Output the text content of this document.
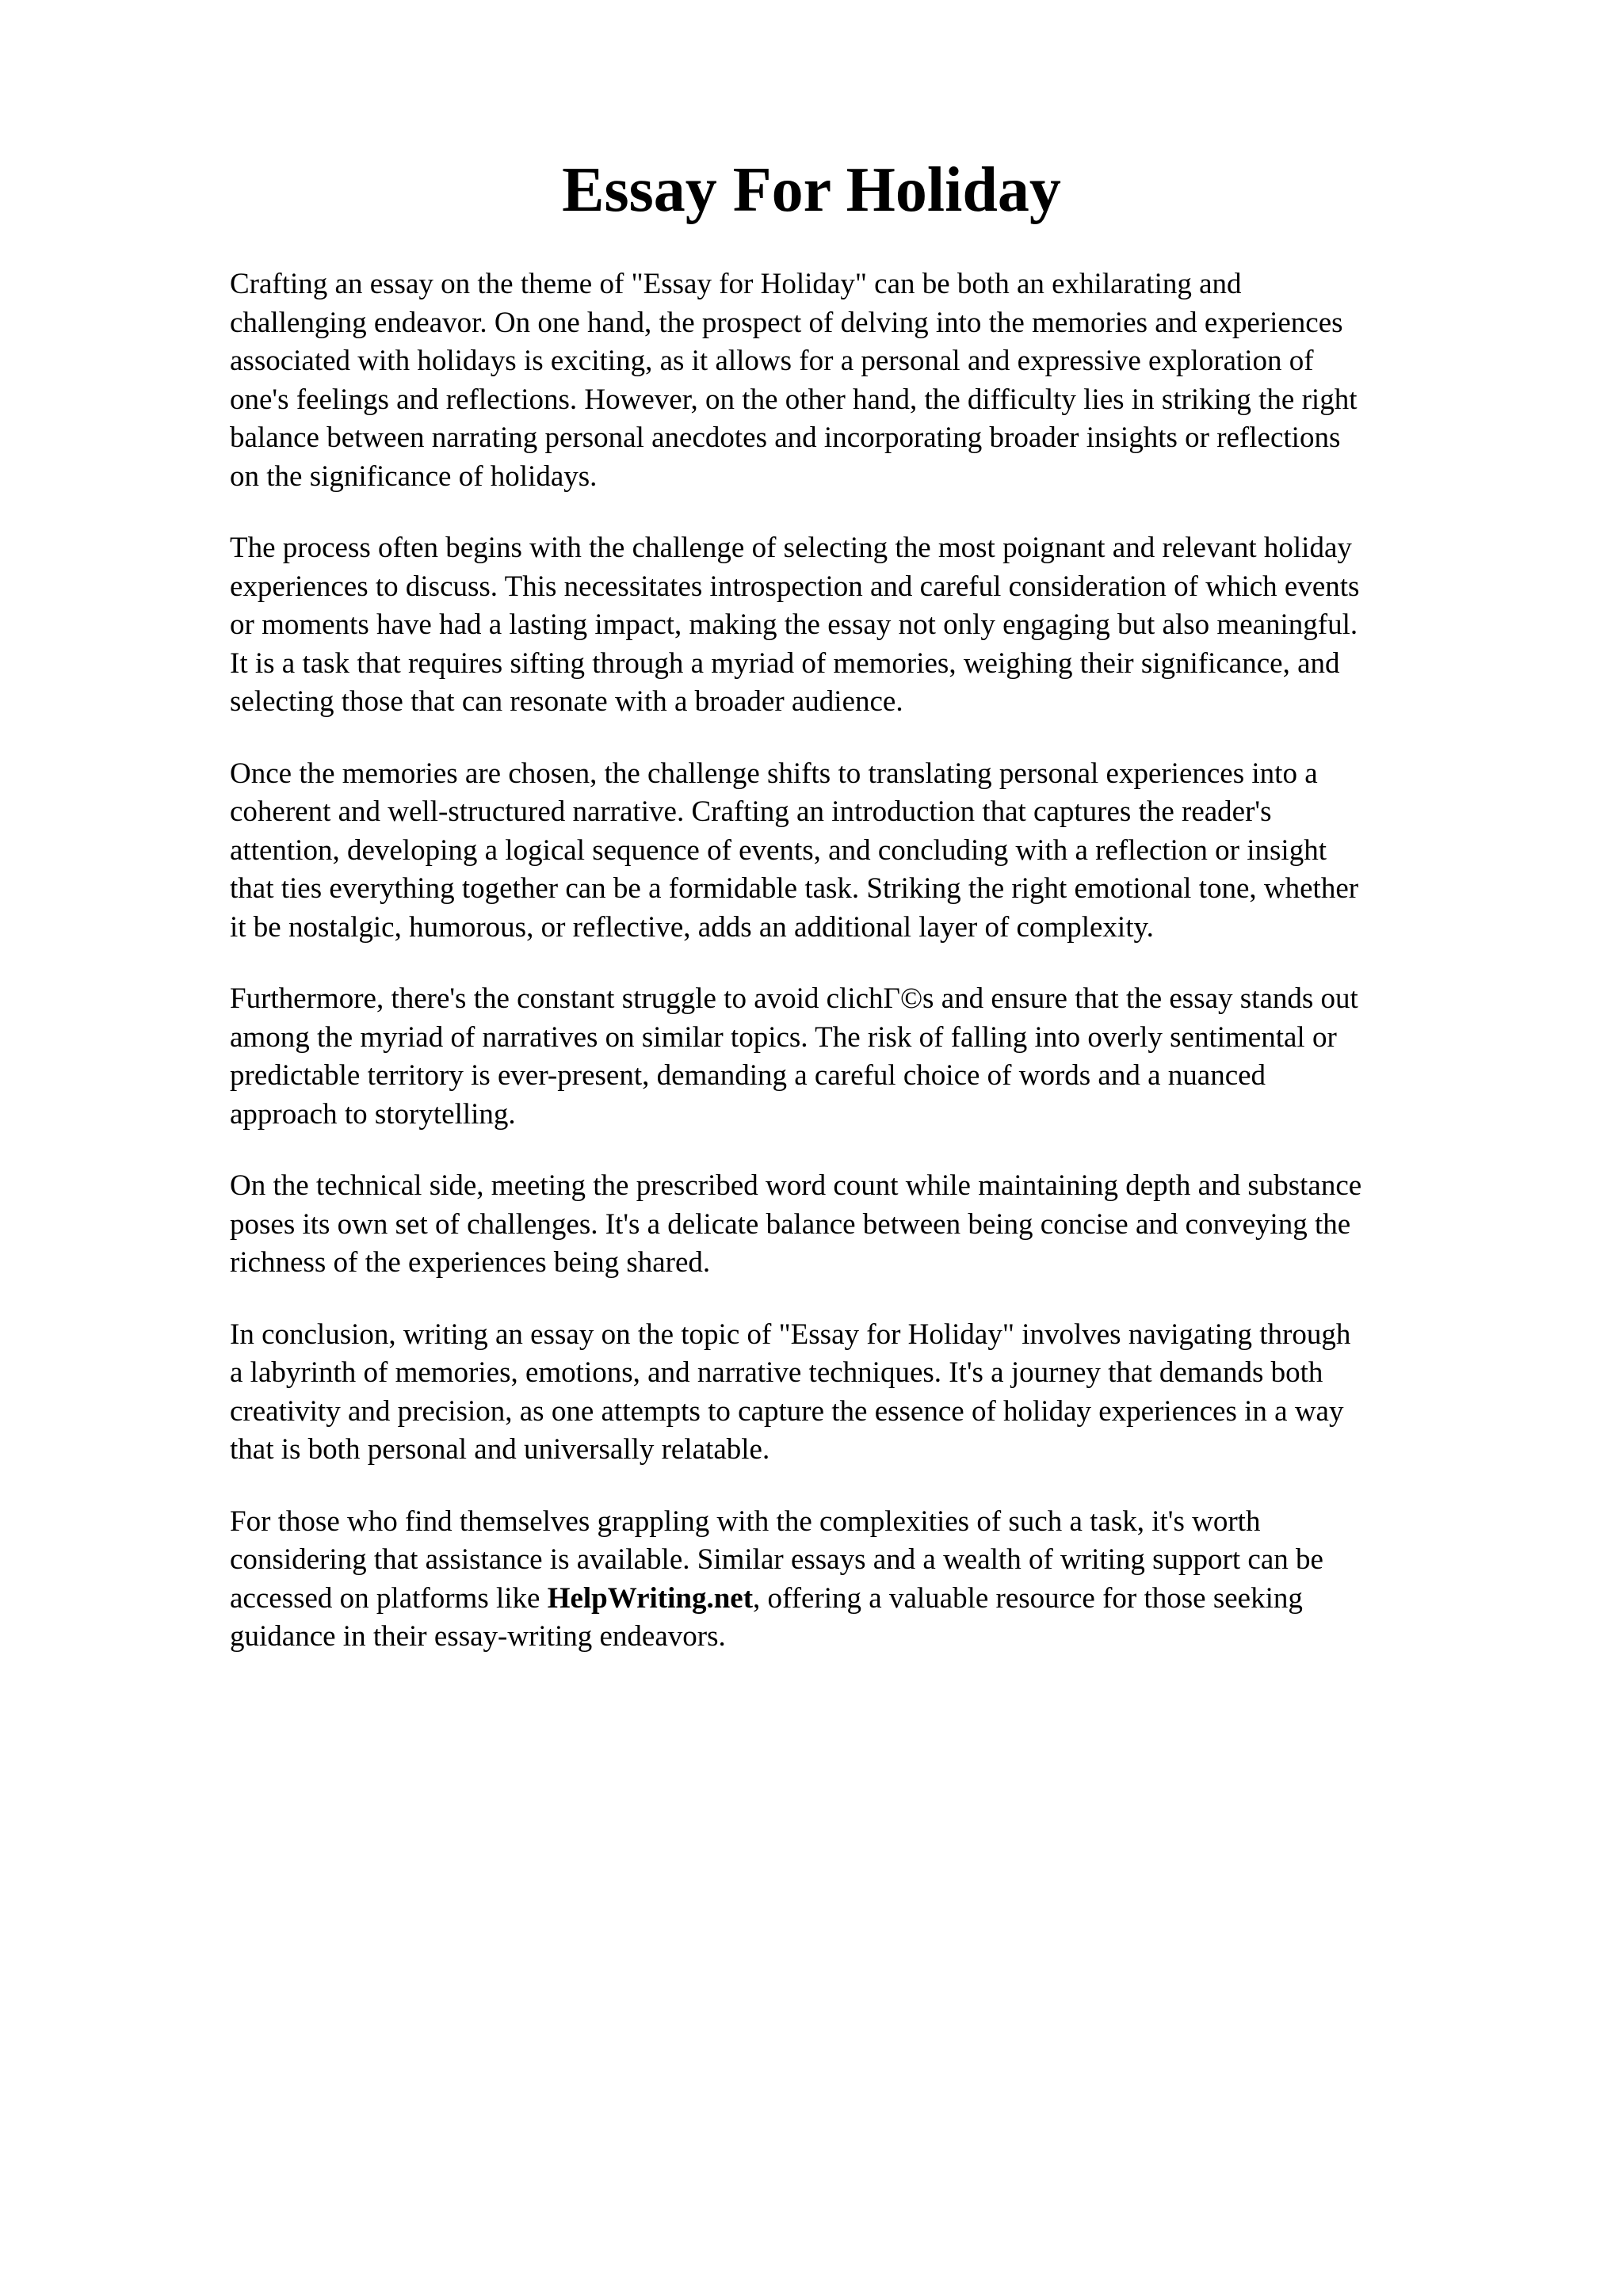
Essay For Holiday

Crafting an essay on the theme of "Essay for Holiday" can be both an exhilarating and
challenging endeavor. On one hand, the prospect of delving into the memories and experiences
associated with holidays is exciting, as it allows for a personal and expressive exploration of
one's feelings and reflections. However, on the other hand, the difficulty lies in striking the right
balance between narrating personal anecdotes and incorporating broader insights or reflections
on the significance of holidays.

The process often begins with the challenge of selecting the most poignant and relevant holiday
experiences to discuss. This necessitates introspection and careful consideration of which events
or moments have had a lasting impact, making the essay not only engaging but also meaningful.
It is a task that requires sifting through a myriad of memories, weighing their significance, and
selecting those that can resonate with a broader audience.

Once the memories are chosen, the challenge shifts to translating personal experiences into a
coherent and well-structured narrative. Crafting an introduction that captures the reader's
attention, developing a logical sequence of events, and concluding with a reflection or insight
that ties everything together can be a formidable task. Striking the right emotional tone, whether
it be nostalgic, humorous, or reflective, adds an additional layer of complexity.

Furthermore, there's the constant struggle to avoid clichГ©s and ensure that the essay stands out
among the myriad of narratives on similar topics. The risk of falling into overly sentimental or
predictable territory is ever-present, demanding a careful choice of words and a nuanced
approach to storytelling.

On the technical side, meeting the prescribed word count while maintaining depth and substance
poses its own set of challenges. It's a delicate balance between being concise and conveying the
richness of the experiences being shared.

In conclusion, writing an essay on the topic of "Essay for Holiday" involves navigating through
a labyrinth of memories, emotions, and narrative techniques. It's a journey that demands both
creativity and precision, as one attempts to capture the essence of holiday experiences in a way
that is both personal and universally relatable.

For those who find themselves grappling with the complexities of such a task, it's worth
considering that assistance is available. Similar essays and a wealth of writing support can be
accessed on platforms like HelpWriting.net, offering a valuable resource for those seeking
guidance in their essay-writing endeavors.
